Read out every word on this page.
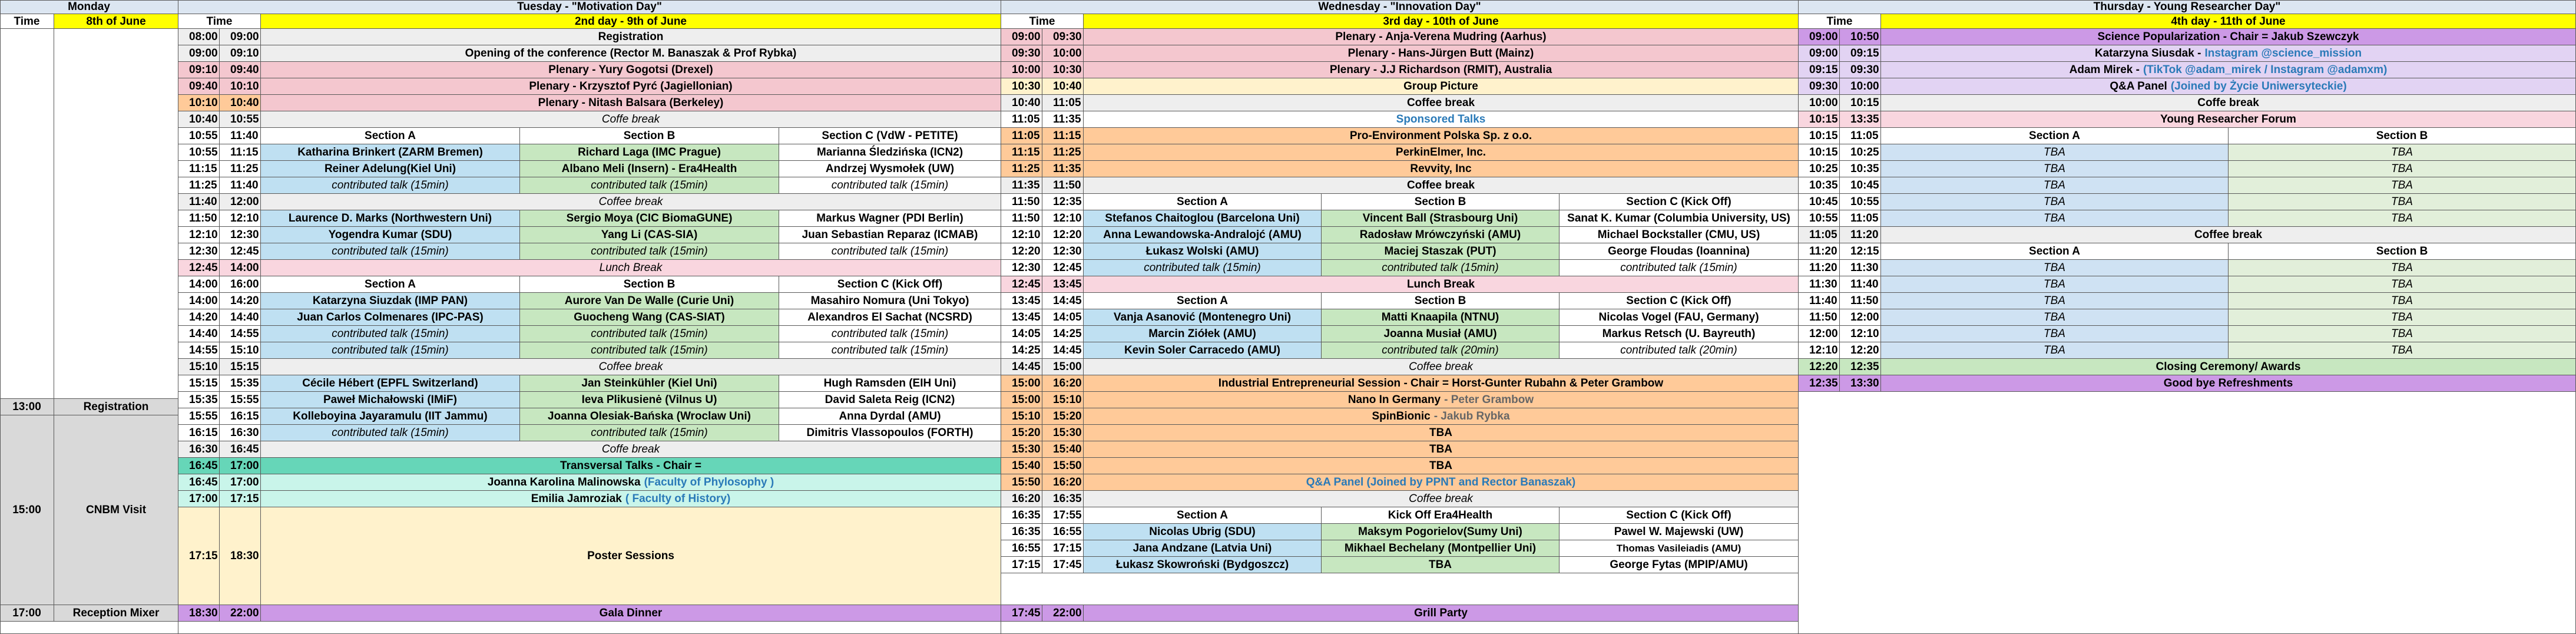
Monday	Tuesday - "Motivation Day"	Wednesday - "Innovation Day"	Thursday - Young Researcher Day"
Time	8th of June	Time	2nd day - 9th of June	Time	3rd day - 10th of June	Time	4th day - 11th of June
13:00	Registration
15:00	CNBM Visit
17:00	Reception Mixer
08:00 09:00	Registration
09:00 09:10	Opening of the conference (Rector M. Banaszak & Prof Rybka)
09:10 09:40	Plenary - Yury Gogotsi (Drexel)
09:40 10:10	Plenary - Krzysztof Pyrć (Jagiellonian)
10:10 10:40	Plenary - Nitash Balsara (Berkeley)
10:40 10:55	Coffe break
10:55 11:40	Section A	Section B	Section C (VdW - PETITE)
10:55 11:15	Katharina Brinkert (ZARM Bremen)	Richard Laga (IMC Prague)	Marianna Śledzińska (ICN2)
11:15 11:25	Reiner Adelung(Kiel Uni)	Albano Meli (Insern) - Era4Health	Andrzej Wysmołek (UW)
11:25 11:40	contributed talk (15min)	contributed talk (15min)	contributed talk (15min)
11:40 12:00	Coffee break
11:50 12:10	Laurence D. Marks (Northwestern Uni)	Sergio Moya (CIC BiomaGUNE)	Markus Wagner (PDI Berlin)
12:10 12:30	Yogendra Kumar (SDU)	Yang Li (CAS-SIA)	Juan Sebastian Reparaz (ICMAB)
12:30 12:45	contributed talk (15min)	contributed talk (15min)	contributed talk (15min)
12:45 14:00	Lunch Break
14:00 16:00	Section A	Section B	Section C (Kick Off)
14:00 14:20	Katarzyna Siuzdak (IMP PAN)	Aurore Van De Walle (Curie Uni)	Masahiro Nomura (Uni Tokyo)
14:20 14:40	Juan Carlos Colmenares (IPC-PAS)	Guocheng Wang (CAS-SIAT)	Alexandros El Sachat (NCSRD)
14:40 14:55	contributed talk (15min)	contributed talk (15min)	contributed talk (15min)
14:55 15:10	contributed talk (15min)	contributed talk (15min)	contributed talk (15min)
15:10 15:15	Coffee break
15:15 15:35	Cécile Hébert (EPFL Switzerland)	Jan Steinkühler (Kiel Uni)	Hugh Ramsden (EIH Uni)
15:35 15:55	Paweł Michałowski (IMiF)	Ieva Plikusienė (Vilnus U)	David Saleta Reig (ICN2)
15:55 16:15	Kolleboyina Jayaramulu (IIT Jammu)	Joanna Olesiak-Bańska (Wroclaw Uni)	Anna Dyrdal (AMU)
16:15 16:30	contributed talk (15min)	contributed talk (15min)	Dimitris Vlassopoulos (FORTH)
16:30 16:45	Coffe break
16:45 17:00	Transversal Talks - Chair =
16:45 17:00	Joanna Karolina Malinowska (Faculty of Phylosophy )
17:00 17:15	Emilia Jamroziak ( Faculty of History)
17:15 18:30	Poster Sessions
18:30 22:00	Gala Dinner
09:00 09:30	Plenary - Anja-Verena Mudring (Aarhus)
09:30 10:00	Plenary - Hans-Jürgen Butt (Mainz)
10:00 10:30	Plenary - J.J Richardson (RMIT), Australia
10:30 10:40	Group Picture
10:40 11:05	Coffee break
11:05 11:35	Sponsored Talks
11:05 11:15	Pro-Environment Polska Sp. z o.o.
11:15 11:25	PerkinElmer, Inc.
11:25 11:35	Revvity, Inc
11:35 11:50	Coffee break
11:50 12:35	Section A	Section B	Section C (Kick Off)
11:50 12:10 Stefanos Chaitoglou (Barcelona Uni)	Vincent Ball (Strasbourg Uni)	Sanat K. Kumar (Columbia University, US)
12:10 12:20 Anna Lewandowska-Andralojć (AMU)	Radosław Mrówczyński (AMU)	Michael Bockstaller (CMU, US)
12:20 12:30	Łukasz Wolski (AMU)	Maciej Staszak (PUT)	George Floudas (Ioannina)
12:30 12:45	contributed talk (15min)	contributed talk (15min)	contributed talk (15min)
12:45 13:45	Lunch Break
13:45 14:45	Section A	Section B	Section C (Kick Off)
13:45 14:05	Vanja Asanović (Montenegro Uni)	Matti Knaapila (NTNU)	Nicolas Vogel (FAU, Germany)
14:05 14:25	Marcin Ziółek (AMU)	Joanna Musiał (AMU)	Markus Retsch (U. Bayreuth)
14:25 14:45	Kevin Soler Carracedo (AMU)	contributed talk (20min)	contributed talk (20min)
14:45 15:00	Coffee break
15:00 16:20	Industrial Entrepreneurial Session - Chair = Horst-Gunter Rubahn & Peter Grambow
15:00 15:10	Nano In Germany - Peter Grambow
15:10 15:20	SpinBionic - Jakub Rybka
15:20 15:30	TBA
15:30 15:40	TBA
15:40 15:50	TBA
15:50 16:20	Q&A Panel (Joined by PPNT and Rector Banaszak)
16:20 16:35	Coffee break
16:35 17:55	Section A	Kick Off Era4Health	Section C (Kick Off)
16:35 16:55	Nicolas Ubrig (SDU)	Maksym Pogorielov(Sumy Uni)	Pawel W. Majewski (UW)
16:55 17:15	Jana Andzane (Latvia Uni)	Mikhael Bechelany (Montpellier Uni)	Thomas Vasileiadis (AMU)
17:15 17:45	Łukasz Skowroński (Bydgoszcz)	TBA	George Fytas (MPIP/AMU)
17:45 22:00	Grill Party
09:00 10:50	Science Popularization - Chair = Jakub Szewczyk
09:00 09:15	Katarzyna Siusdak - Instagram @science_mission
09:15 09:30	Adam Mirek - (TikTok @adam_mirek / Instagram @adamxm)
09:30 10:00	Q&A Panel (Joined by Życie Uniwersyteckie)
10:00 10:15	Coffe break
10:15 13:35	Young Researcher Forum
10:15 11:05	Section A	Section B
10:15 10:25	TBA	TBA
10:25 10:35	TBA	TBA
10:35 10:45	TBA	TBA
10:45 10:55	TBA	TBA
10:55 11:05	TBA	TBA
11:05 11:20	Coffee break
11:20 12:15	Section A	Section B
11:20 11:30	TBA	TBA
11:30 11:40	TBA	TBA
11:40 11:50	TBA	TBA
11:50 12:00	TBA	TBA
12:00 12:10	TBA	TBA
12:10 12:20	TBA	TBA
12:20 12:35	Closing Ceremony/ Awards
12:35 13:30	Good bye Refreshments
